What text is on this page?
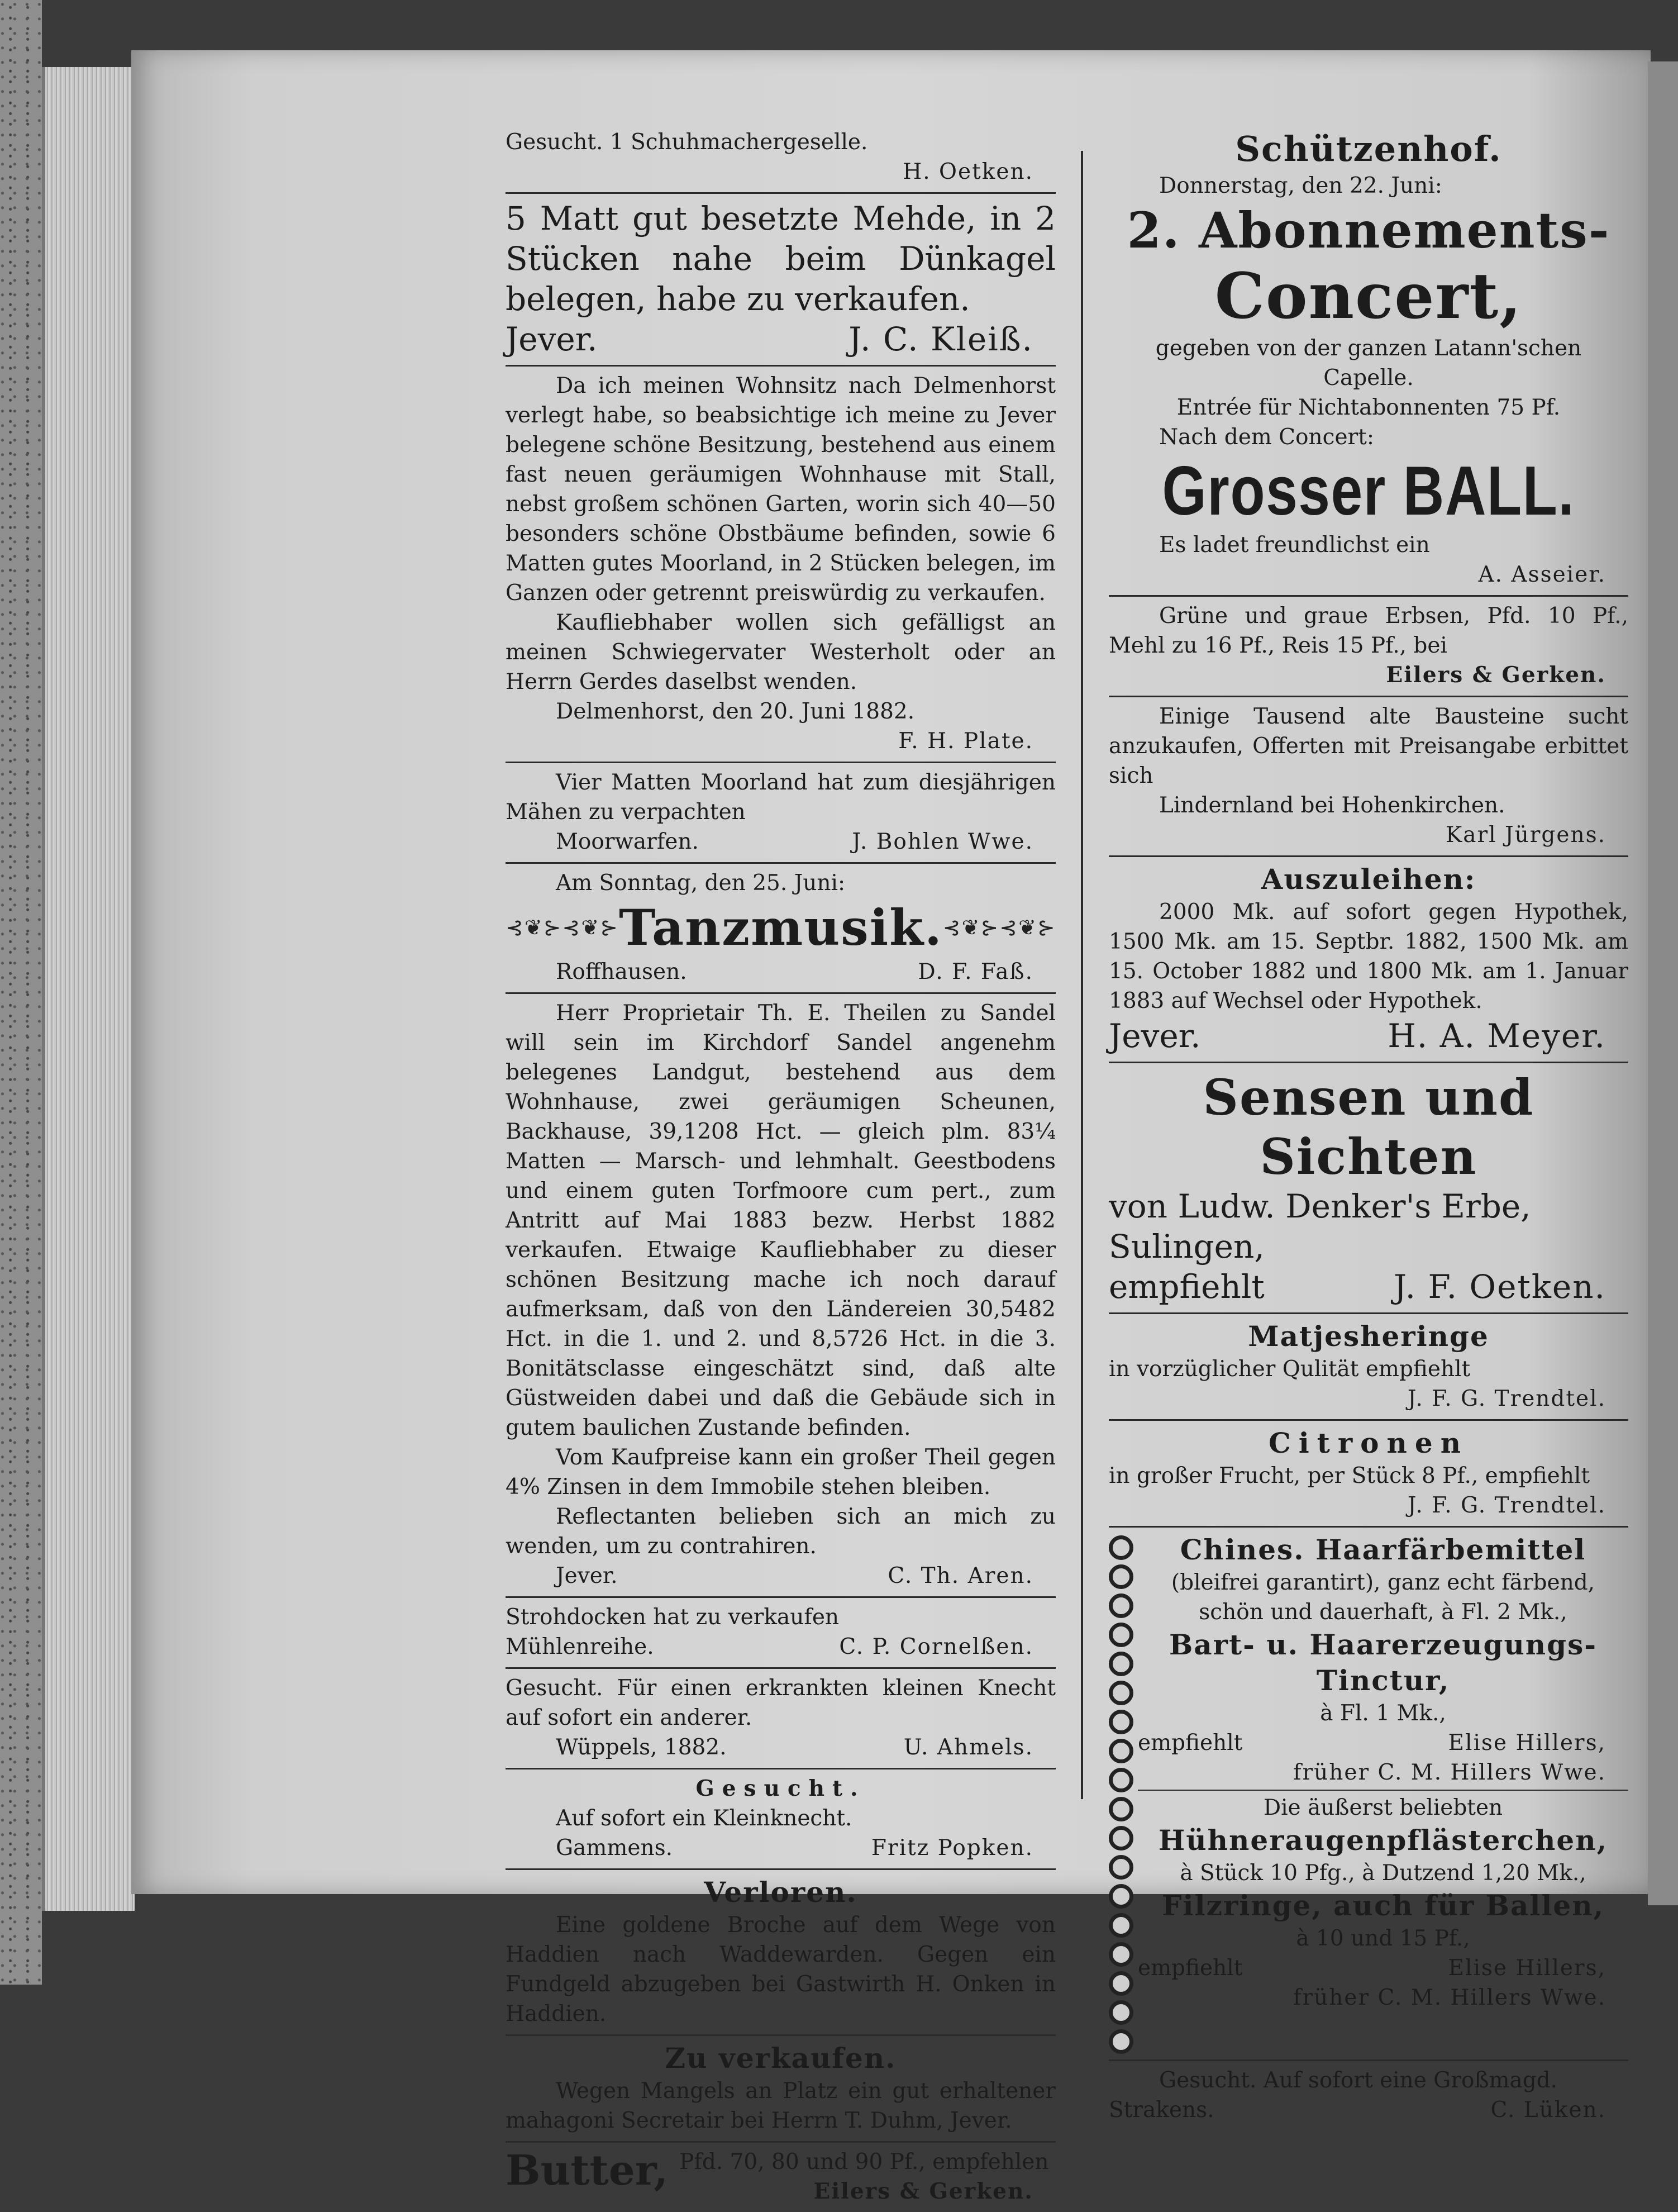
Gesucht. 1 Schuhmachergeselle.
H. Oetken.
5 Matt gut besetzte Mehde, in 2 Stücken nahe beim Dünkagel belegen, habe zu verkaufen.
Jever.	J. C. Kleiß.
Da ich meinen Wohnsitz nach Delmenhorst verlegt habe, so beabsichtige ich meine zu Jever belegene schöne Besitzung, bestehend aus einem fast neuen geräumigen Wohnhause mit Stall, nebst großem schönen Garten, worin sich 40—50 besonders schöne Obstbäume befinden, sowie 6 Matten gutes Moorland, in 2 Stücken belegen, im Ganzen oder getrennt preiswürdig zu verkaufen.
Kaufliebhaber wollen sich gefälligst an meinen Schwiegervater Westerholt oder an Herrn Gerdes daselbst wenden.
Delmenhorst, den 20. Juni 1882.
F. H. Plate.
Vier Matten Moorland hat zum diesjährigen Mähen zu verpachten
Moorwarfen.	J. Bohlen Wwe.
Am Sonntag, den 25. Juni:
⊰❦⊱⊰❦⊱ Tanzmusik. ⊰❦⊱⊰❦⊱
Roffhausen.	D. F. Faß.
Herr Proprietair Th. E. Theilen zu Sandel will sein im Kirchdorf Sandel angenehm belegenes Landgut, bestehend aus dem Wohnhause, zwei geräumigen Scheunen, Backhause, 39,1208 Hct. — gleich plm. 83¼ Matten — Marsch- und lehmhalt. Geestbodens und einem guten Torfmoore cum pert., zum Antritt auf Mai 1883 bezw. Herbst 1882 verkaufen. Etwaige Kaufliebhaber zu dieser schönen Besitzung mache ich noch darauf aufmerksam, daß von den Ländereien 30,5482 Hct. in die 1. und 2. und 8,5726 Hct. in die 3. Bonitätsclasse eingeschätzt sind, daß alte Güstweiden dabei und daß die Gebäude sich in gutem baulichen Zustande befinden.
Vom Kaufpreise kann ein großer Theil gegen 4% Zinsen in dem Immobile stehen bleiben.
Reflectanten belieben sich an mich zu wenden, um zu contrahiren.
Jever.	C. Th. Aren.
Strohdocken hat zu verkaufen
Mühlenreihe.	C. P. Cornelßen.
Gesucht. Für einen erkrankten kleinen Knecht auf sofort ein anderer.
Wüppels, 1882.	U. Ahmels.
Gesucht.
Auf sofort ein Kleinknecht.
Gammens.	Fritz Popken.
Verloren.
Eine goldene Broche auf dem Wege von Haddien nach Waddewarden. Gegen ein Fundgeld abzugeben bei Gastwirth H. Onken in Haddien.
Zu verkaufen.
Wegen Mangels an Platz ein gut erhaltener mahagoni Secretair bei Herrn T. Duhm, Jever.
Butter, Pfd. 70, 80 und 90 Pf., empfehlen
Eilers & Gerken.
Schützenhof.
Donnerstag, den 22. Juni:
2. Abonnements-
Concert,
gegeben von der ganzen Latann'schen Capelle.
Entrée für Nichtabonnenten 75 Pf.
Nach dem Concert:
Grosser BALL.
Es ladet freundlichst ein
A. Asseier.
Grüne und graue Erbsen, Pfd. 10 Pf., Mehl zu 16 Pf., Reis 15 Pf., bei
Eilers & Gerken.
Einige Tausend alte Bausteine sucht anzukaufen, Offerten mit Preisangabe erbittet sich
Lindernland bei Hohenkirchen.
Karl Jürgens.
Auszuleihen:
2000 Mk. auf sofort gegen Hypothek, 1500 Mk. am 15. Septbr. 1882, 1500 Mk. am 15. October 1882 und 1800 Mk. am 1. Januar 1883 auf Wechsel oder Hypothek.
Jever.	H. A. Meyer.
Sensen und Sichten
von Ludw. Denker's Erbe, Sulingen,
empfiehlt	J. F. Oetken.
Matjesheringe
in vorzüglicher Qulität empfiehlt
J. F. G. Trendtel.
Citronen
in großer Frucht, per Stück 8 Pf., empfiehlt
J. F. G. Trendtel.
Chines. Haarfärbemittel
(bleifrei garantirt), ganz echt färbend, schön und dauerhaft, à Fl. 2 Mk.,
Bart- u. Haarerzeugungs-Tinctur,
à Fl. 1 Mk.,
empfiehlt	Elise Hillers,
früher C. M. Hillers Wwe.
Die äußerst beliebten
Hühneraugenpflästerchen,
à Stück 10 Pfg., à Dutzend 1,20 Mk.,
Filzringe, auch für Ballen,
à 10 und 15 Pf.,
empfiehlt	Elise Hillers,
früher C. M. Hillers Wwe.
Gesucht. Auf sofort eine Großmagd.
Strakens.	C. Lüken.
